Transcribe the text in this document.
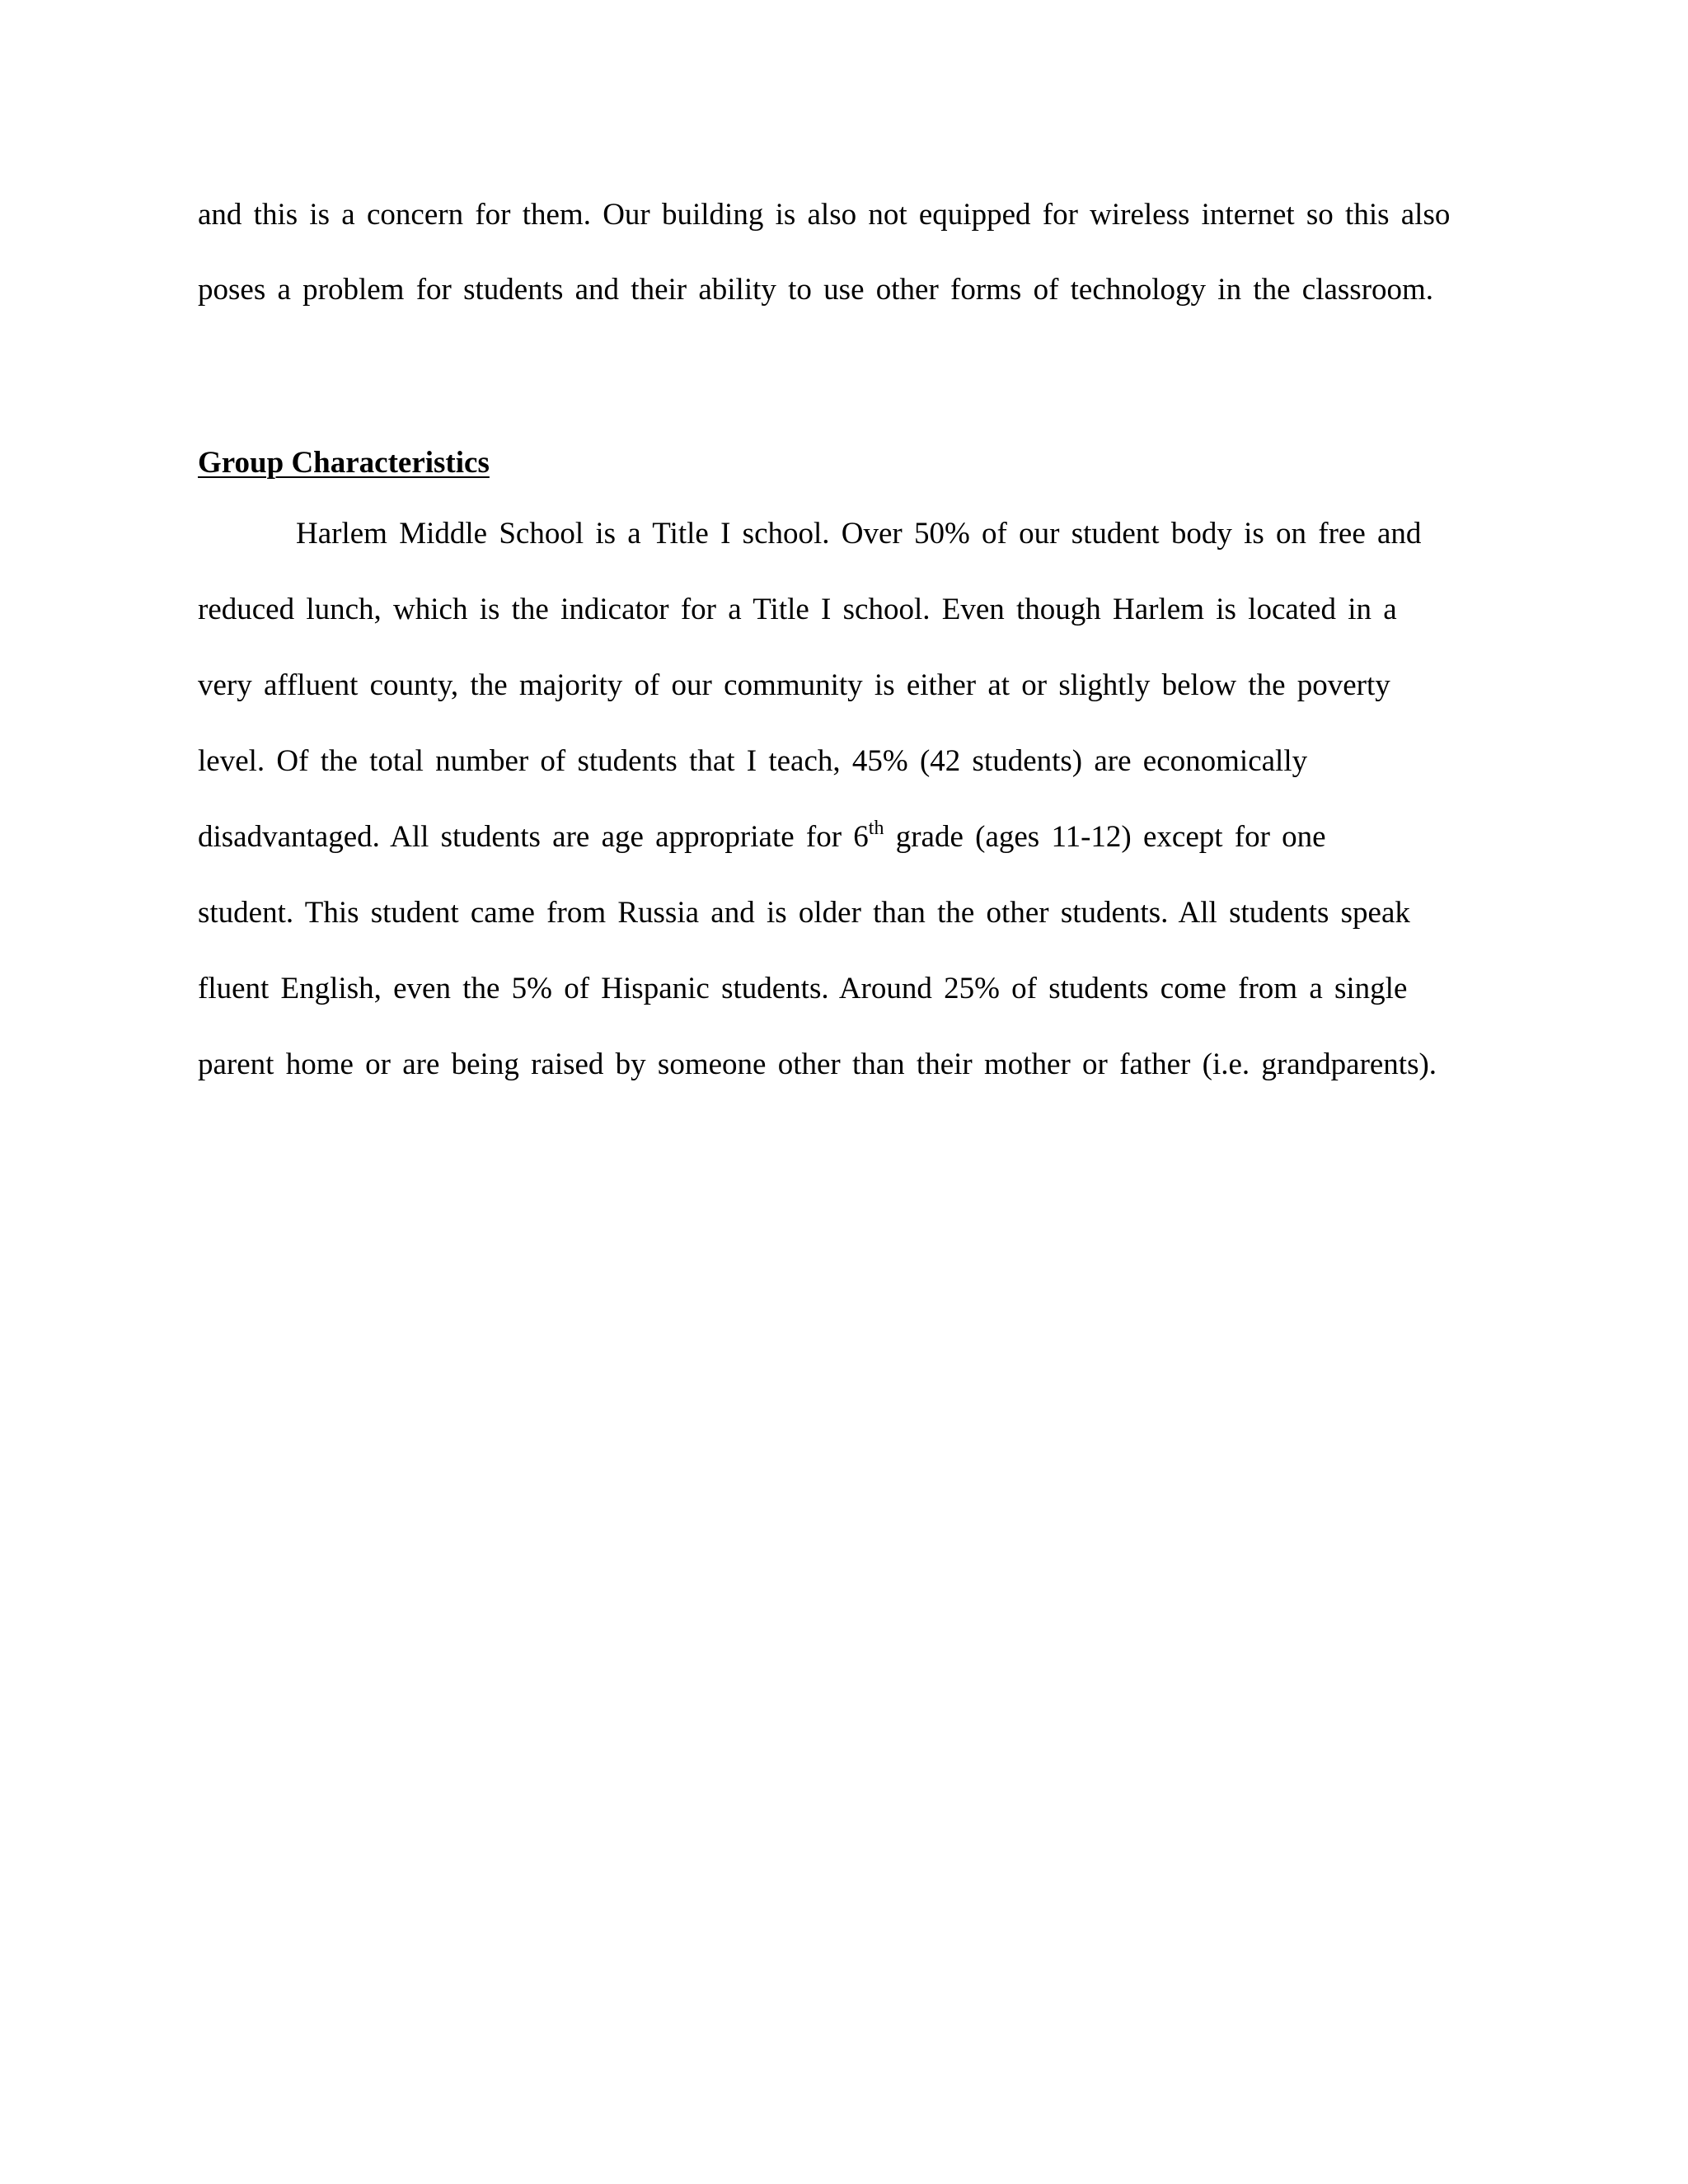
and this is a concern for them. Our building is also not equipped for wireless internet so this also
poses a problem for students and their ability to use other forms of technology in the classroom.
Group Characteristics
Harlem Middle School is a Title I school. Over 50% of our student body is on free and
reduced lunch, which is the indicator for a Title I school. Even though Harlem is located in a
very affluent county, the majority of our community is either at or slightly below the poverty
level. Of the total number of students that I teach, 45% (42 students) are economically
disadvantaged. All students are age appropriate for 6th grade (ages 11-12) except for one
student. This student came from Russia and is older than the other students. All students speak
fluent English, even the 5% of Hispanic students. Around 25% of students come from a single
parent home or are being raised by someone other than their mother or father (i.e. grandparents).
